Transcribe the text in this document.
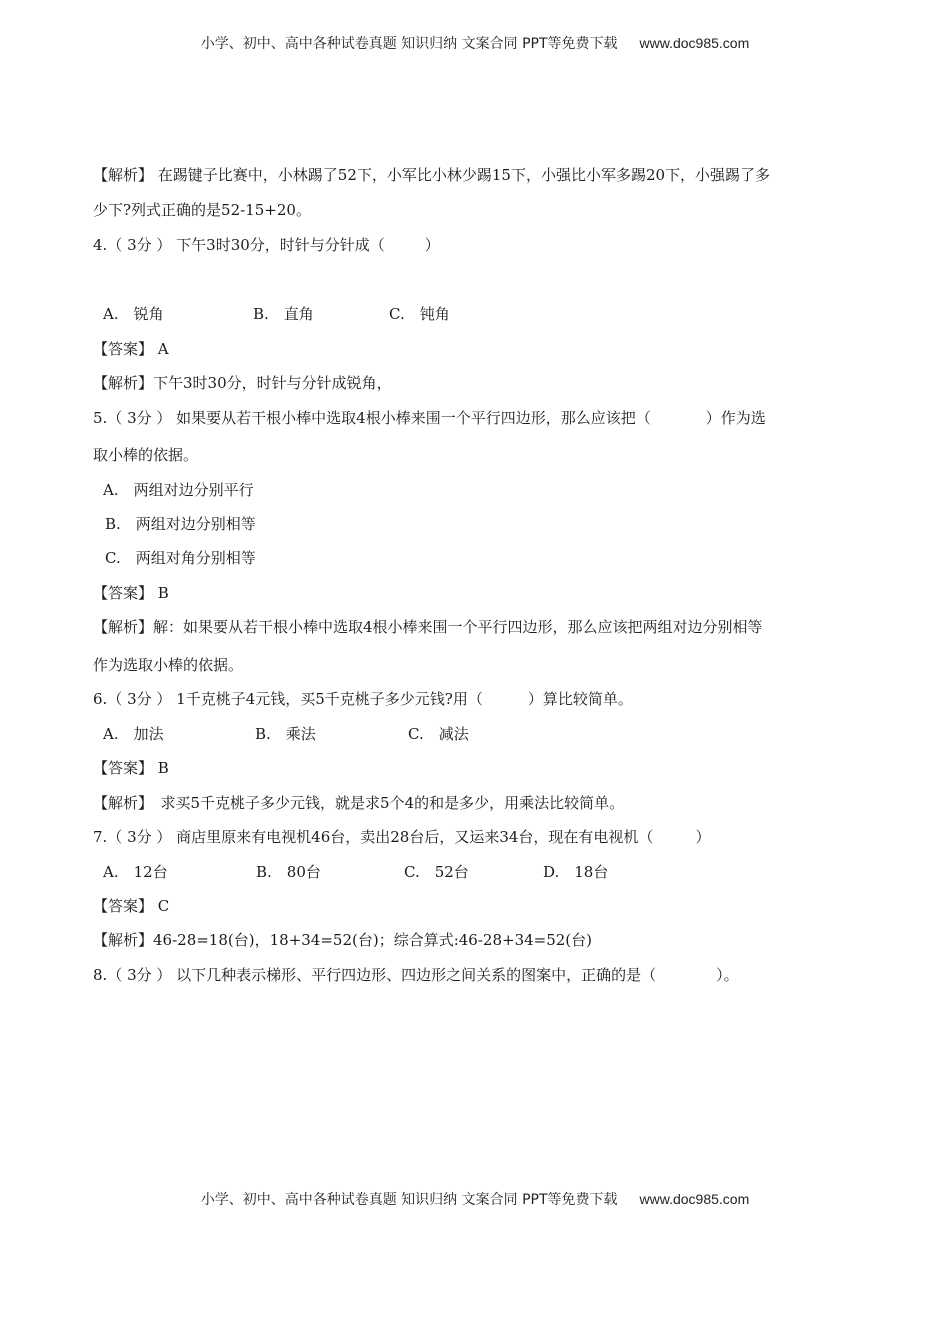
小学、初中、高中各种试卷真题 知识归纳 文案合同 PPT等免费下载 www.doc985.com
【解析】 在踢键子比赛中，小林踢了52下，小军比小林少踢15下，小强比小军多踢20下，小强踢了多
少下?列式正确的是52-15+20。
4.（ 3分 ） 下午3时30分，时针与分针成（	）
A.　锐角	B.　直角	C.　钝角
【答案】 A
【解析】下午3时30分，时针与分针成锐角，
5.（ 3分 ） 如果要从若干根小棒中选取4根小棒来围一个平行四边形，那么应该把（	）作为选
取小棒的依据。
A.　两组对边分别平行
B.　两组对边分别相等
C.　两组对角分别相等
【答案】 B
【解析】解：如果要从若干根小棒中选取4根小棒来围一个平行四边形，那么应该把两组对边分别相等
作为选取小棒的依据。
6.（ 3分 ） 1千克桃子4元钱，买5千克桃子多少元钱?用（	）算比较简单。
A.　加法	B.　乘法	C.　减法
【答案】 B
【解析】　求买5千克桃子多少元钱，就是求5个4的和是多少，用乘法比较简单。
7.（ 3分 ） 商店里原来有电视机46台，卖出28台后，又运来34台，现在有电视机（	）
A.　12台	B.　80台	C.　52台	D.　18台
【答案】 C
【解析】46-28=18(台)，18+34=52(台)；综合算式:46-28+34=52(台)
8.（ 3分 ） 以下几种表示梯形、平行四边形、四边形之间关系的图案中，正确的是（	）。
小学、初中、高中各种试卷真题 知识归纳 文案合同 PPT等免费下载 www.doc985.com
